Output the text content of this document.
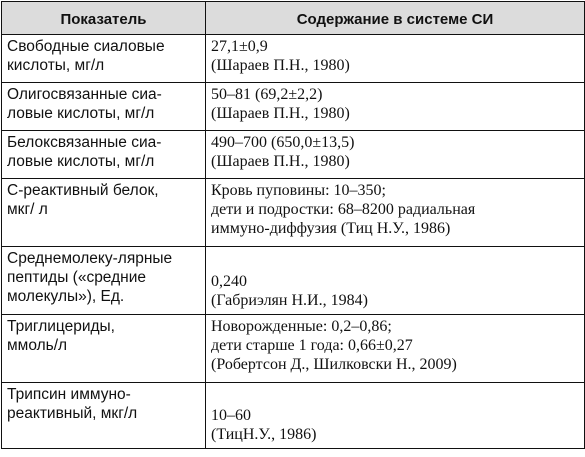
Показатель	Содержание в системе СИ

Свободные сиаловые
кислоты, мг/л	27,1±0,9
(Шараев П.Н., 1980)

Олигосвязанные сиа-
ловые кислоты, мг/л	50–81 (69,2±2,2)
(Шараев П.Н., 1980)

Белоксвязанные сиа-
ловые кислоты, мг/л	490–700 (650,0±13,5)
(Шараев П.Н., 1980)

С-реактивный белок,
мкг/ л	Кровь пуповины: 10–350;
дети и подростки: 68–8200 радиальная
иммуно-диффузия (Тиц Н.У., 1986)

Среднемолеку-лярные
пептиды («средние
молекулы»), Ед.	0,240
(Габриэлян Н.И., 1984)

Триглицериды,
ммоль/л	Новорожденные: 0,2–0,86;
дети старше 1 года: 0,66±0,27
(Робертсон Д., Шилковски Н., 2009)

Трипсин иммуно-
реактивный, мкг/л	10–60
(ТицН.У., 1986)
